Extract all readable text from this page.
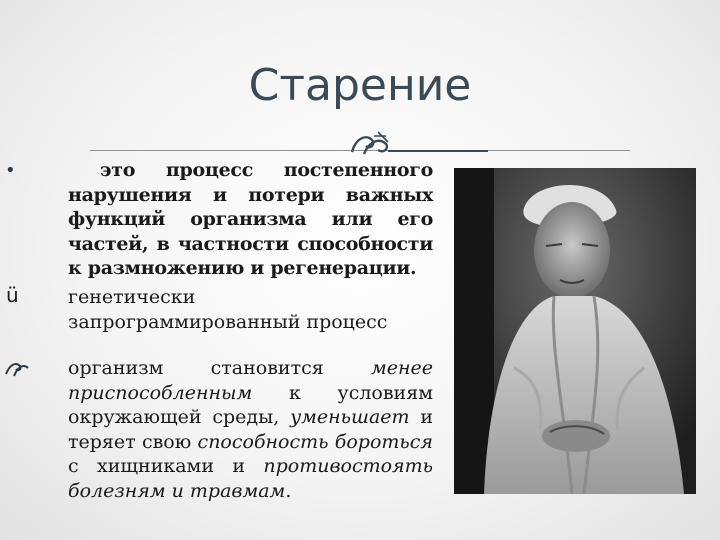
Старение
•	это процесс постепенного нарушения и потери важных функций организма или его частей, в частности способности к размножению и регенерации.
ü	генетически запрограммированный процесс
организм становится менее приспособленным к условиям окружающей среды, уменьшает и теряет свою способность бороться с хищниками и противостоять болезням и травмам.
